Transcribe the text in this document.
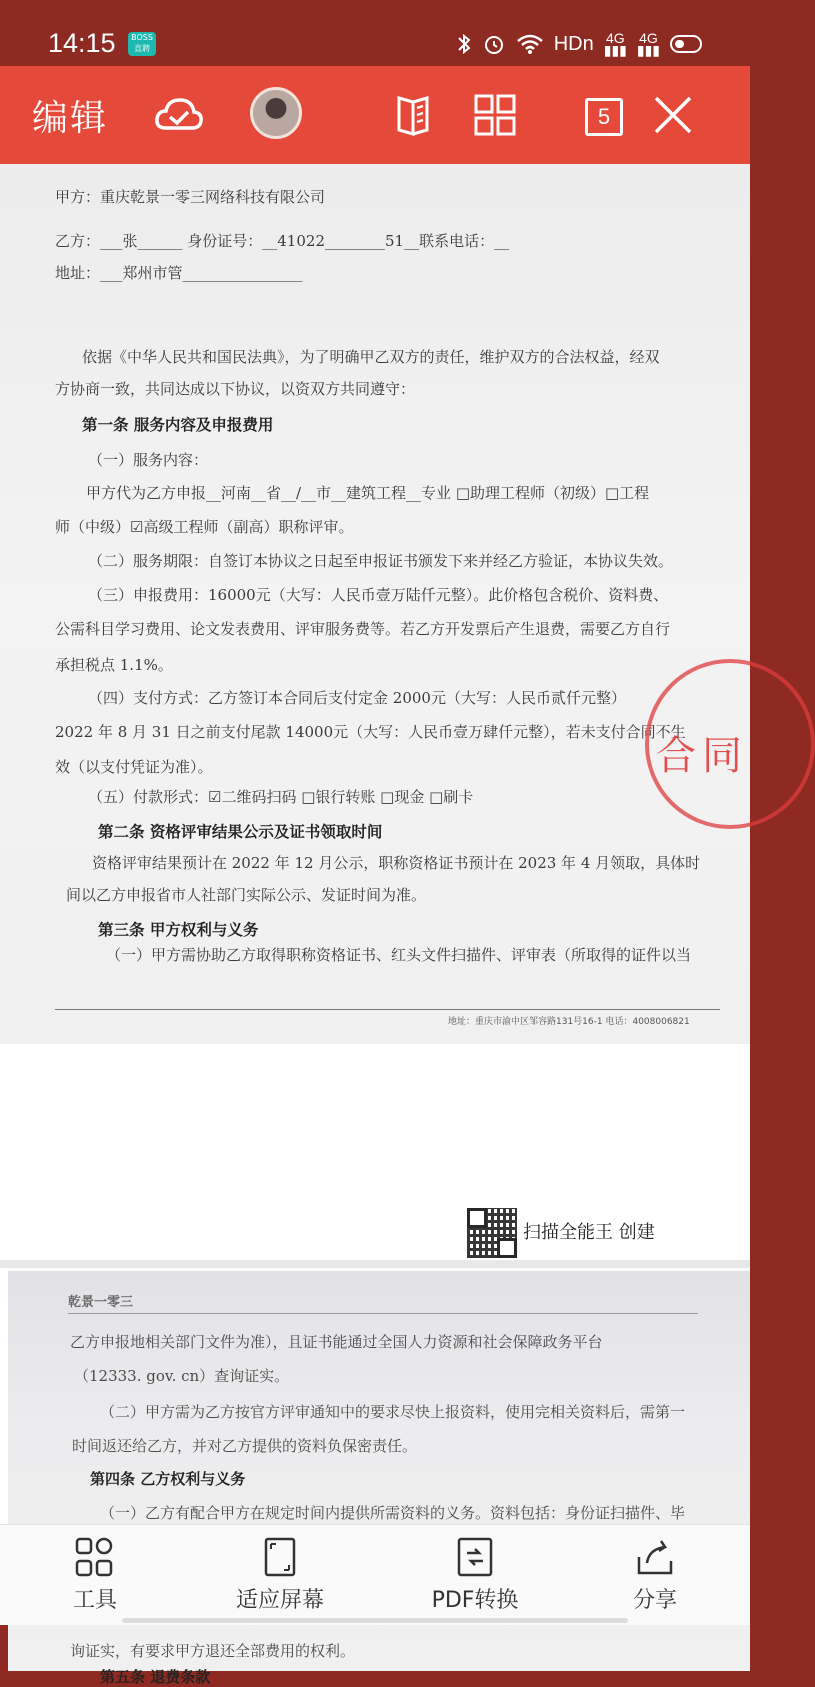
14:15	BOSS
直聘	HDn 4G
▮▮▮
4G
▮▮▮
编辑	5
甲方：重庆乾景一零三网络科技有限公司
乙方：___张______ 身份证号：__41022________51__联系电话：__
地址：___郑州市管________________
依据《中华人民共和国民法典》，为了明确甲乙双方的责任，维护双方的合法权益，经双
方协商一致，共同达成以下协议，以资双方共同遵守：
第一条 服务内容及申报费用
（一）服务内容：
甲方代为乙方申报__河南__省__/__市__建筑工程__专业 □助理工程师（初级）□工程
师（中级）☑高级工程师（副高）职称评审。
（二）服务期限：自签订本协议之日起至申报证书颁发下来并经乙方验证，本协议失效。
（三）申报费用：16000元（大写：人民币壹万陆仟元整）。此价格包含税价、资料费、
公需科目学习费用、论文发表费用、评审服务费等。若乙方开发票后产生退费，需要乙方自行
承担税点 1.1%。
（四）支付方式：乙方签订本合同后支付定金 2000元（大写：人民币贰仟元整）
2022 年 8 月 31 日之前支付尾款 14000元（大写：人民币壹万肆仟元整），若未支付合同不生
效（以支付凭证为准）。
（五）付款形式：☑二维码扫码 □银行转账 □现金 □刷卡
第二条 资格评审结果公示及证书领取时间
资格评审结果预计在 2022 年 12 月公示，职称资格证书预计在 2023 年 4 月领取，具体时
间以乙方申报省市人社部门实际公示、发证时间为准。
第三条 甲方权利与义务
（一）甲方需协助乙方取得职称资格证书、红头文件扫描件、评审表（所取得的证件以当
地址：重庆市渝中区邹容路131号16-1 电话：4008006821
合同
扫描全能王 创建
乾景一零三
乙方申报地相关部门文件为准），且证书能通过全国人力资源和社会保障政务平台
（12333. gov. cn）查询证实。
（二）甲方需为乙方按官方评审通知中的要求尽快上报资料，使用完相关资料后，需第一
时间返还给乙方，并对乙方提供的资料负保密责任。
第四条 乙方权利与义务
（一）乙方有配合甲方在规定时间内提供所需资料的义务。资料包括：身份证扫描件、毕
询证实，有要求甲方退还全部费用的权利。
第五条 退费条款
工具	适应屏幕	PDF转换	分享
